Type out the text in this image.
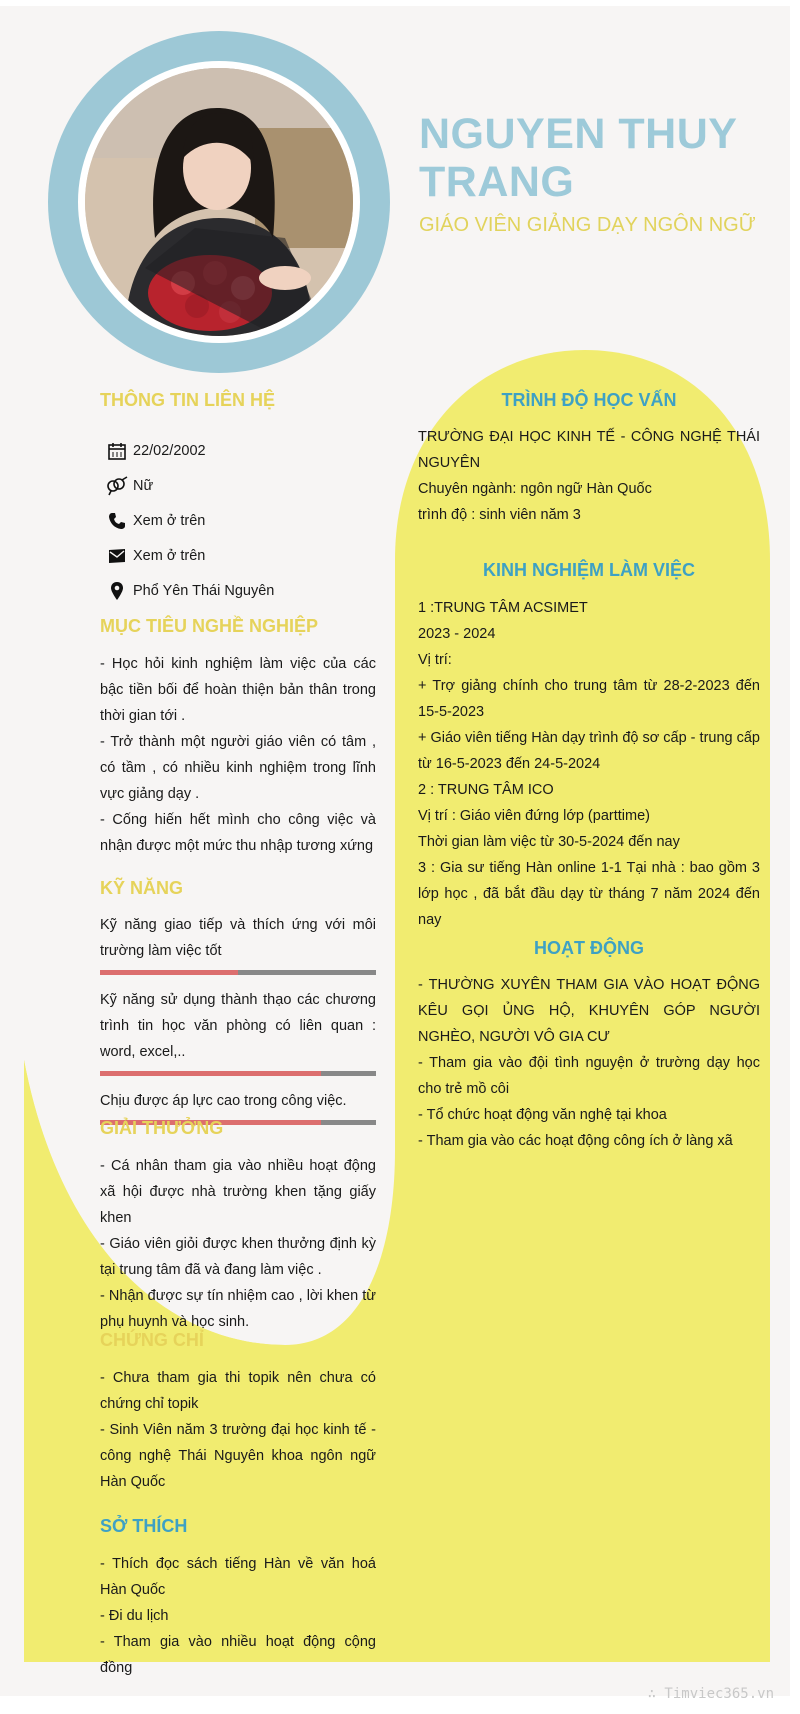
NGUYEN THUY TRANG

GIÁO VIÊN GIẢNG DẠY NGÔN NGỮ

THÔNG TIN LIÊN HỆ
22/02/2002
Nữ
Xem ở trên
Xem ở trên
Phổ Yên Thái Nguyên
MỤC TIÊU NGHỀ NGHIỆP

- Học hỏi kinh nghiệm làm việc của các bậc tiền bối để hoàn thiện bản thân trong thời gian tới .

- Trở thành một người giáo viên có tâm , có tầm , có nhiều kinh nghiệm trong lĩnh vực giảng dạy .

- Cống hiến hết mình cho công việc và nhận được một mức thu nhập tương xứng

KỸ NĂNG

Kỹ năng giao tiếp và thích ứng với môi trường làm việc tốt

Kỹ năng sử dụng thành thạo các chương trình tin học văn phòng có liên quan : word, excel,..

Chịu được áp lực cao trong công việc.

GIẢI THƯỞNG

- Cá nhân tham gia vào nhiều hoạt động xã hội được nhà trường khen tặng giấy khen

- Giáo viên giỏi được khen thưởng định kỳ tại trung tâm đã và đang làm việc .

- Nhận được sự tín nhiệm cao , lời khen từ phụ huynh và học sinh.

CHỨNG CHỈ

- Chưa tham gia thi topik nên chưa có chứng chỉ topik

- Sinh Viên năm 3 trường đại học kinh tế - công nghệ Thái Nguyên khoa ngôn ngữ Hàn Quốc

SỞ THÍCH

- Thích đọc sách tiếng Hàn về văn hoá Hàn Quốc

- Đi du lịch

- Tham gia vào nhiều hoạt động cộng đồng

TRÌNH ĐỘ HỌC VẤN

TRƯỜNG ĐẠI HỌC KINH TẾ - CÔNG NGHỆ THÁI NGUYÊN

Chuyên ngành: ngôn ngữ Hàn Quốc

trình độ : sinh viên năm 3

KINH NGHIỆM LÀM VIỆC

1 :TRUNG TÂM ACSIMET

2023 - 2024

Vị trí:

+ Trợ giảng chính cho trung tâm từ 28-2-2023 đến 15-5-2023

+ Giáo viên tiếng Hàn dạy trình độ sơ cấp - trung cấp từ 16-5-2023 đến 24-5-2024

2 : TRUNG TÂM ICO

Vị trí : Giáo viên đứng lớp (parttime)

Thời gian làm việc từ 30-5-2024 đến nay

3 : Gia sư tiếng Hàn online 1-1 Tại nhà : bao gồm 3 lớp học , đã bắt đầu dạy từ tháng 7 năm 2024 đến nay

HOẠT ĐỘNG

- THƯỜNG XUYÊN THAM GIA VÀO HOẠT ĐỘNG KÊU GỌI ỦNG HỘ, KHUYÊN GÓP NGƯỜI NGHÈO, NGƯỜI VÔ GIA CƯ

- Tham gia vào đội tình nguyện ở trường dạy học cho trẻ mồ côi

- Tổ chức hoạt động văn nghệ tại khoa

- Tham gia vào các hoạt động công ích ở làng xã

∴ Timviec365.vn
